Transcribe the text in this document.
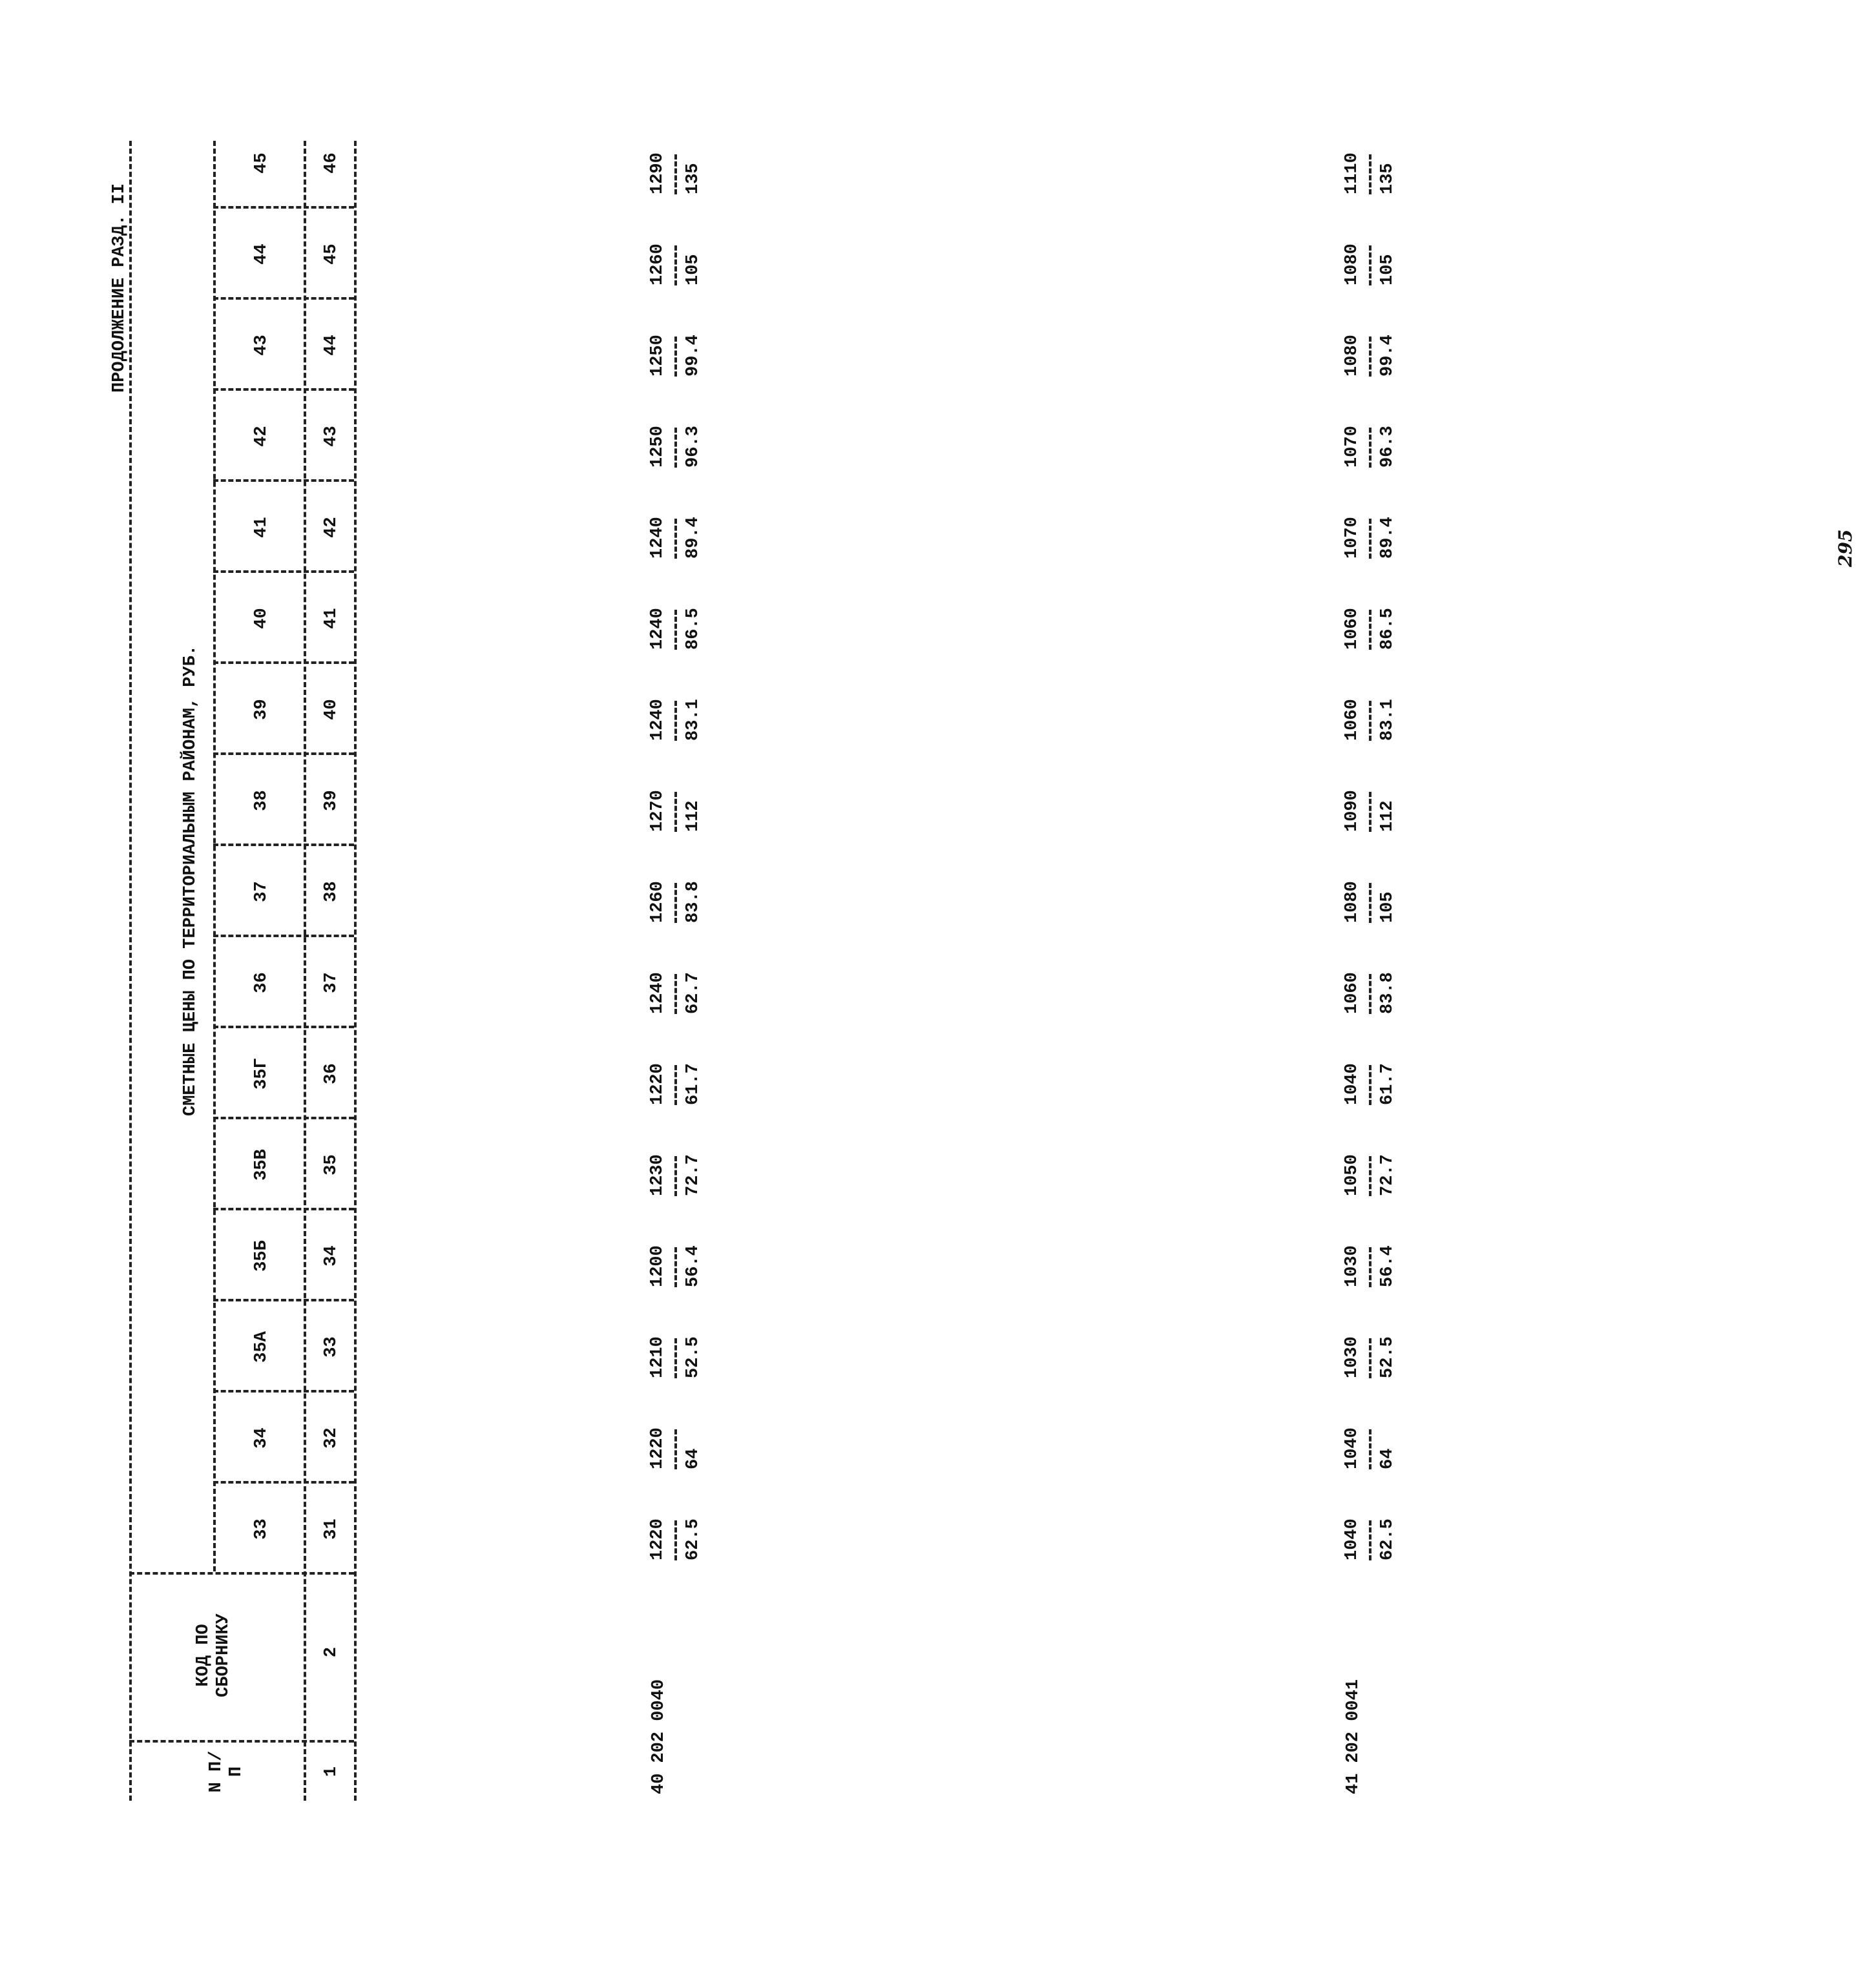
ПРОДОЛЖЕНИЕ РАЗД. II
N П/П
КОД ПО СБОРНИКУ
СМЕТНЫЕ ЦЕНЫ ПО ТЕРРИТОРИАЛЬНЫМ РАЙОНАМ, РУБ.
33
34
35А
35Б
35В
35Г
36
37
38
39
40
41
42
43
44
45
1
2
31
32
33
34
35
36
37
38
39
40
41
42
43
44
45
46
40202 0040
1220 62.5
1220 64
1210 52.5
1200 56.4
1230 72.7
1220 61.7
1240 62.7
1260 83.8
1270 112
1240 83.1
1240 86.5
1240 89.4
1250 96.3
1250 99.4
1260 105
1290 135
41202 0041
1040 62.5
1040 64
1030 52.5
1030 56.4
1050 72.7
1040 61.7
1060 83.8
1080 105
1090 112
1060 83.1
1060 86.5
1070 89.4
1070 96.3
1080 99.4
1080 105
1110 135
295
